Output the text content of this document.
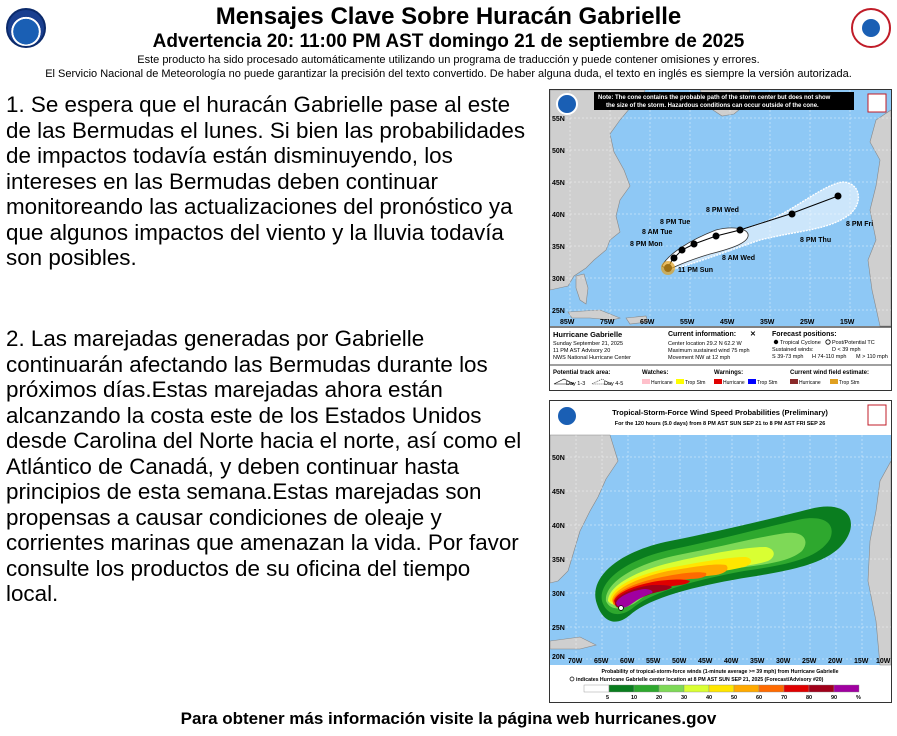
Mensajes Clave Sobre Huracán Gabrielle
Advertencia 20: 11:00 PM AST domingo 21 de septiembre de 2025
Este producto ha sido procesado automáticamente utilizando un programa de traducción y puede contener omisiones y errores.
El Servicio Nacional de Meteorología no puede garantizar la precisión del texto convertido. De haber alguna duda, el texto en inglés es siempre la versión autorizada.

1. Se espera que el huracán Gabrielle pase al este de las Bermudas el lunes. Si bien las probabilidades de impactos todavía están disminuyendo, los intereses en las Bermudas deben continuar monitoreando las actualizaciones del pronóstico ya que algunos impactos del viento y la lluvia todavía son posibles.

2. Las marejadas generadas por Gabrielle continuarán afectando las Bermudas durante los próximos días.Estas marejadas ahora están alcanzando la costa este de los Estados Unidos desde Carolina del Norte hacia el norte, así como el Atlántico de Canadá, y deben continuar hasta principios de esta semana.Estas marejadas son propensas a causar condiciones de oleaje y corrientes marinas que amenazan la vida. Por favor consulte los productos de su oficina del tiempo local.

11 PM Sun
8 PM Mon
8 AM Tue
8 PM Tue
8 AM Wed
8 PM Wed
8 PM Thu
8 PM Fri
Note: The cone contains the probable path of the storm center but does not show
the size of the storm. Hazardous conditions can occur outside of the cone.
55N
50N
45N
40N
35N
30N
25N
85W	75W	65W	55W	45W	35W	25W	15W
Hurricane Gabrielle
Sunday September 21, 2025
11 PM AST Advisory 20
NWS National Hurricane Center
Current information: ✕
Center location 29.2 N 62.2 W
Maximum sustained wind 75 mph
Movement NW at 12 mph
Forecast positions:
Tropical Cyclone Post/Potential TC
Sustained winds:	D < 39 mph
S 39-73 mph H 74-110 mph M > 110 mph
Potential track area:
Day 1-3	Day 4-5
Watches:
Hurricane Trop Stm
Warnings:
Hurricane Trop Stm
Current wind field estimate:
Hurricane	Trop Stm
Tropical-Storm-Force Wind Speed Probabilities (Preliminary)
For the 120 hours (5.0 days) from 8 PM AST SUN SEP 21 to 8 PM AST FRI SEP 26
50N
45N
40N
35N
30N
25N
20N
70W 65W 60W 55W 50W 45W 40W 35W 30W 25W 20W 15W 10W
Probability of tropical-storm-force winds (1-minute average >= 39 mph) from Hurricane Gabrielle
indicates Hurricane Gabrielle center location at 8 PM AST SUN SEP 21, 2025 (Forecast/Advisory #20)
5	10	20	30	40	50	60	70	80	90	%
Para obtener más información visite la página web hurricanes.gov
